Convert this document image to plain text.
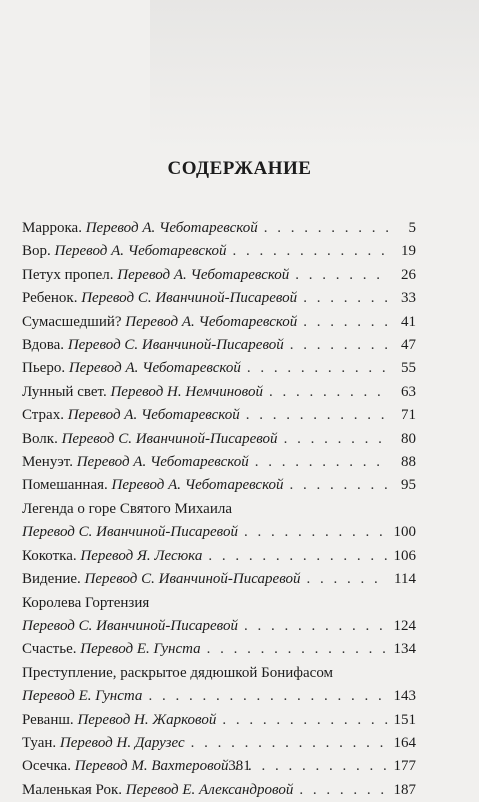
СОДЕРЖАНИЕ
Маррока. Перевод А. Чеботаревской . . .	5
Вор. Перевод А. Чеботаревской . . .	19
Петух пропел. Перевод А. Чеботаревской . . .	26
Ребенок. Перевод С. Иванчиной-Писаревой . . .	33
Сумасшедший? Перевод А. Чеботаревской . . .	41
Вдова. Перевод С. Иванчиной-Писаревой . . .	47
Пьеро. Перевод А. Чеботаревской . . .	55
Лунный свет. Перевод Н. Немчиновой . . .	63
Страх. Перевод А. Чеботаревской . . .	71
Волк. Перевод С. Иванчиной-Писаревой . . .	80
Менуэт. Перевод А. Чеботаревской . . .	88
Помешанная. Перевод А. Чеботаревской . . .	95
Легенда о горе Святого Михаила
Перевод С. Иванчиной-Писаревой . . .	100
Кокотка. Перевод Я. Лесюка . . .	106
Видение. Перевод С. Иванчиной-Писаревой . . .	114
Королева Гортензия
Перевод С. Иванчиной-Писаревой . . .	124
Счастье. Перевод Е. Гунста . . .	134
Преступление, раскрытое дядюшкой Бонифасом
Перевод Е. Гунста . . .	143
Реванш. Перевод Н. Жарковой . . .	151
Туан. Перевод Н. Дарузес . . .	164
Осечка. Перевод М. Вахтеровой . . .	177
Маленькая Рок. Перевод Е. Александровой . . .	187
381
